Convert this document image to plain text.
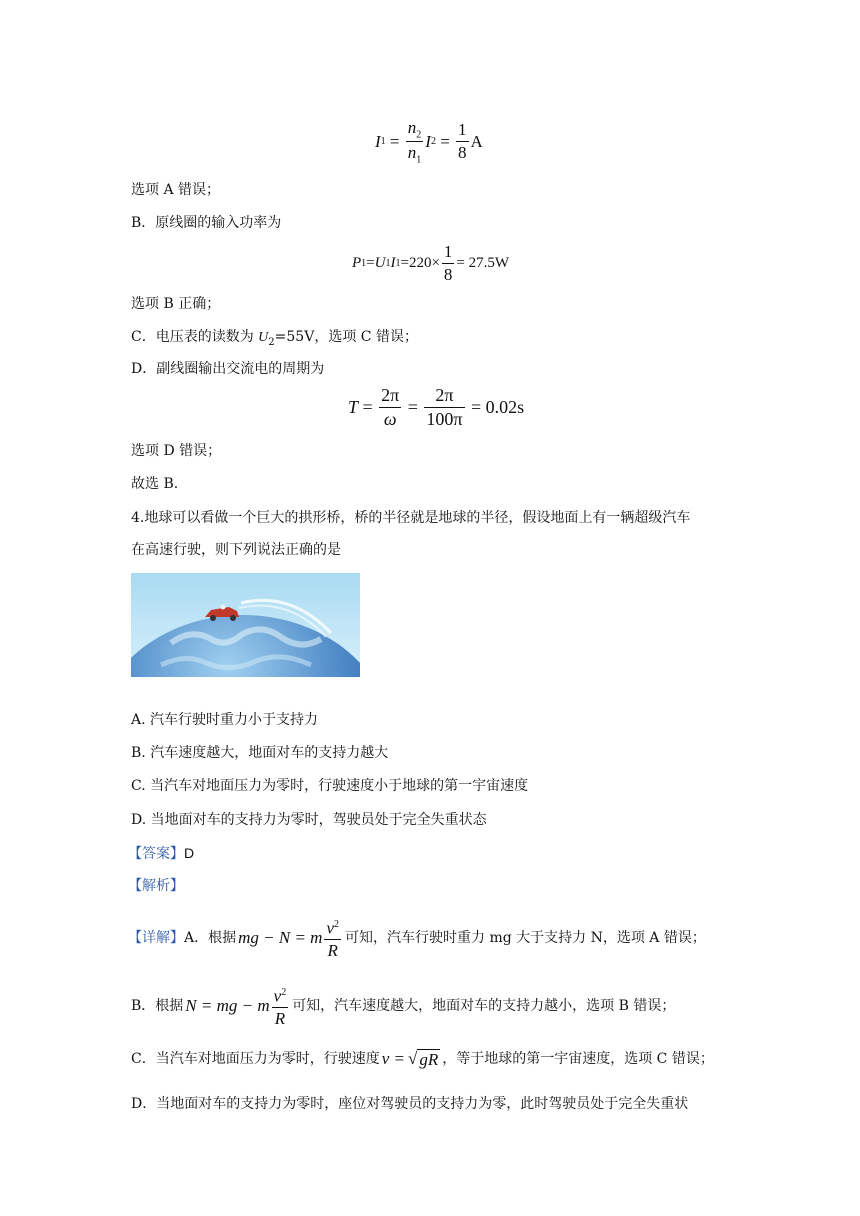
I $1 = \frac{n_2}{n_1}$ I $2 = \frac{1}{8}$ A
选项 A 错误；
B．原线圈的输入功率为
P 1 = U 1 I $1 =220\times \frac{1}{8} = 27.5W$
选项 B 正确；
C．电压表的读数为 $U_2=55V$，选项 C 错误；
D．副线圈输出交流电的周期为
$T = \frac{2\pi}{\omega} = \frac{2\pi}{100\pi}$
= 0.02s
选项 D 错误；
故选 B.
4.地球可以看做一个巨大的拱形桥，桥的半径就是地球的半径，假设地面上有一辆超级汽车
在高速行驶，则下列说法正确的是
A. 汽车行驶时重力小于支持力
B. 汽车速度越大，地面对车的支持力越大
C. 当汽车对地面压力为零时，行驶速度小于地球的第一宇宙速度
D. 当地面对车的支持力为零时，驾驶员处于完全失重状态
【答案】D
【解析】
【详解】 A．根据 mg − N = m $\frac{v^2}{R}$ 可知，汽车行驶时重力 mg 大于支持力 N，选项 A 错误；
B．根据 N = mg − m $\frac{v^2}{R}$ 可知，汽车速度越大，地面对车的支持力越小，选项 B 错误；
C．当汽车对地面压力为零时，行驶速度 v = √ gR ，等于地球的第一宇宙速度，选项 C 错误；
D．当地面对车的支持力为零时，座位对驾驶员的支持力为零，此时驾驶员处于完全失重状
